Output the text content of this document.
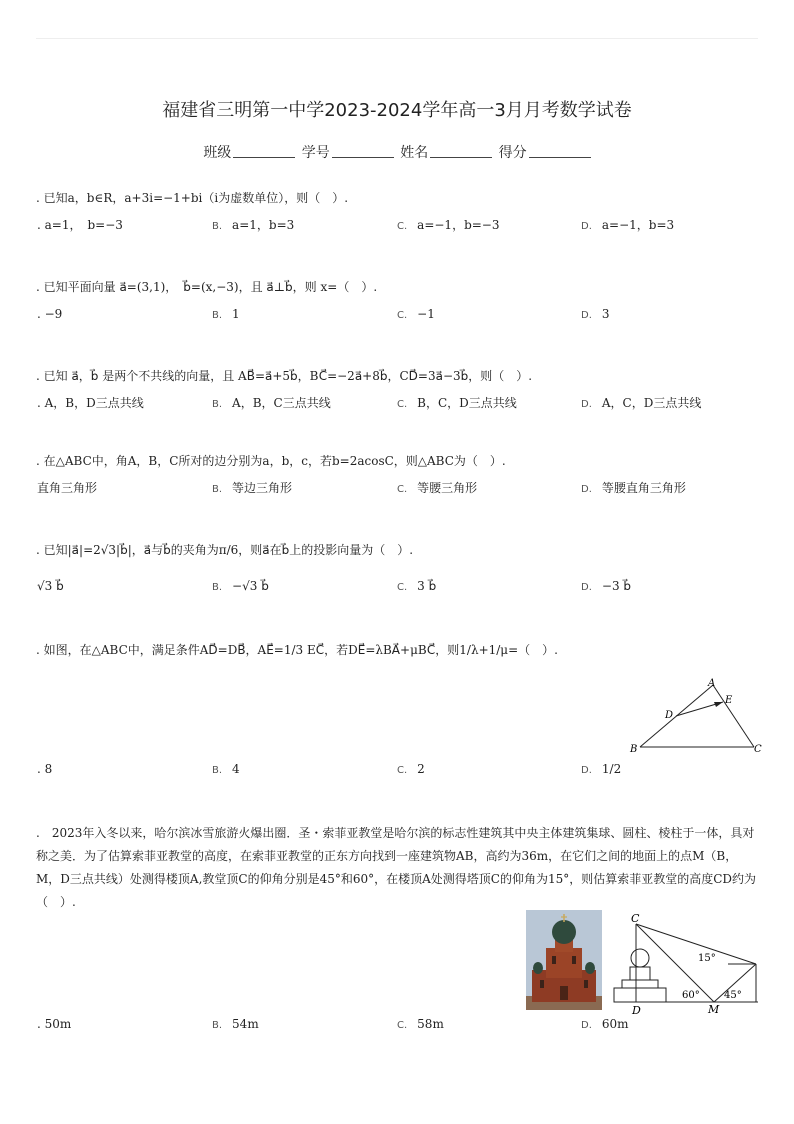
福建省三明第一中学2023-2024学年高一3月月考数学试卷
班级	学号	姓名	得分
. 已知a，b∈R，a+3i=−1+bi（i为虚数单位），则（　）.
. a=1，　b=−3	B. a=1，b=3	C. a=−1，b=−3	D. a=−1，b=3
. 已知平面向量 a⃗=(3,1)，　b⃗=(x,−3)，且 a⃗⊥b⃗，则 x=（　）.
. −9	B. 1	C. −1	D. 3
. 已知 a⃗，b⃗ 是两个不共线的向量，且 AB⃗=a⃗+5b⃗，BC⃗=−2a⃗+8b⃗，CD⃗=3a⃗−3b⃗，则（　）.
. A，B，D三点共线	B. A，B，C三点共线	C. B，C，D三点共线	D. A，C，D三点共线
. 在△ABC中，角A，B，C所对的边分别为a，b，c，若b=2acosC，则△ABC为（　）.
直角三角形	B. 等边三角形	C. 等腰三角形	D. 等腰直角三角形
. 已知|a⃗|=2√3|b⃗|，a⃗与b⃗的夹角为π/6，则a⃗在b⃗上的投影向量为（　）.
√3 b⃗	B. −√3 b⃗	C. 3 b⃗	D. −3 b⃗
. 如图，在△ABC中，满足条件AD⃗=DB⃗，AE⃗=1/3 EC⃗，若DE⃗=λBA⃗+μBC⃗，则1/λ+1/μ=（　）.
A
E
D
B	C
. 8	B. 4	C. 2	D. 1/2
.　2023年入冬以来，哈尔滨冰雪旅游火爆出圈．圣・索菲亚教堂是哈尔滨的标志性建筑其中央主体建筑集球、圆柱、棱柱于一体，具对称之美．为了估算索菲亚教堂的高度，在索菲亚教堂的正东方向找到一座建筑物AB，高约为36m，在它们之间的地面上的点M（B，M，D三点共线）处测得楼顶A,教堂顶C的仰角分别是45°和60°，在楼顶A处测得塔顶C的仰角为15°，则估算索菲亚教堂的高度CD约为（　）.
C
15°
60° 45°
D	M
. 50m	B. 54m	C. 58m	D. 60m
